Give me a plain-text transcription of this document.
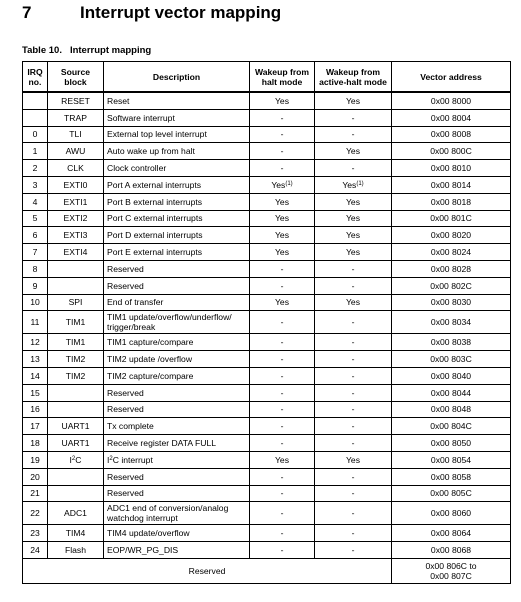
7	Interrupt vector mapping
Table 10. Interrupt mapping
IRQ no.	Source block	Description	Wakeup from halt mode	Wakeup from active-halt mode	Vector address
	RESET	Reset	Yes	Yes	0x00 8000
	TRAP	Software interrupt	-	-	0x00 8004
0	TLI	External top level interrupt	-	-	0x00 8008
1	AWU	Auto wake up from halt	-	Yes	0x00 800C
2	CLK	Clock controller	-	-	0x00 8010
3	EXTI0	Port A external interrupts	Yes$^{(1)}$	Yes$^{(1)}$	0x00 8014
4	EXTI1	Port B external interrupts	Yes	Yes	0x00 8018
5	EXTI2	Port C external interrupts	Yes	Yes	0x00 801C
6	EXTI3	Port D external interrupts	Yes	Yes	0x00 8020
7	EXTI4	Port E external interrupts	Yes	Yes	0x00 8024
8		Reserved	-	-	0x00 8028
9		Reserved	-	-	0x00 802C
10	SPI	End of transfer	Yes	Yes	0x00 8030
11	TIM1	TIM1 update/overflow/underflow/ trigger/break	-	-	0x00 8034
12	TIM1	TIM1 capture/compare	-	-	0x00 8038
13	TIM2	TIM2 update /overflow	-	-	0x00 803C
14	TIM2	TIM2 capture/compare	-	-	0x00 8040
15		Reserved	-	-	0x00 8044
16		Reserved	-	-	0x00 8048
17	UART1	Tx complete	-	-	0x00 804C
18	UART1	Receive register DATA FULL	-	-	0x00 8050
19	$I^2C$	$I^2C$ interrupt	Yes	Yes	0x00 8054
20		Reserved	-	-	0x00 8058
21		Reserved	-	-	0x00 805C
22	ADC1	ADC1 end of conversion/analog watchdog interrupt	-	-	0x00 8060
23	TIM4	TIM4 update/overflow	-	-	0x00 8064
24	Flash	EOP/WR_PG_DIS	-	-	0x00 8068
Reserved					0x00 806C to
0x00 807C
